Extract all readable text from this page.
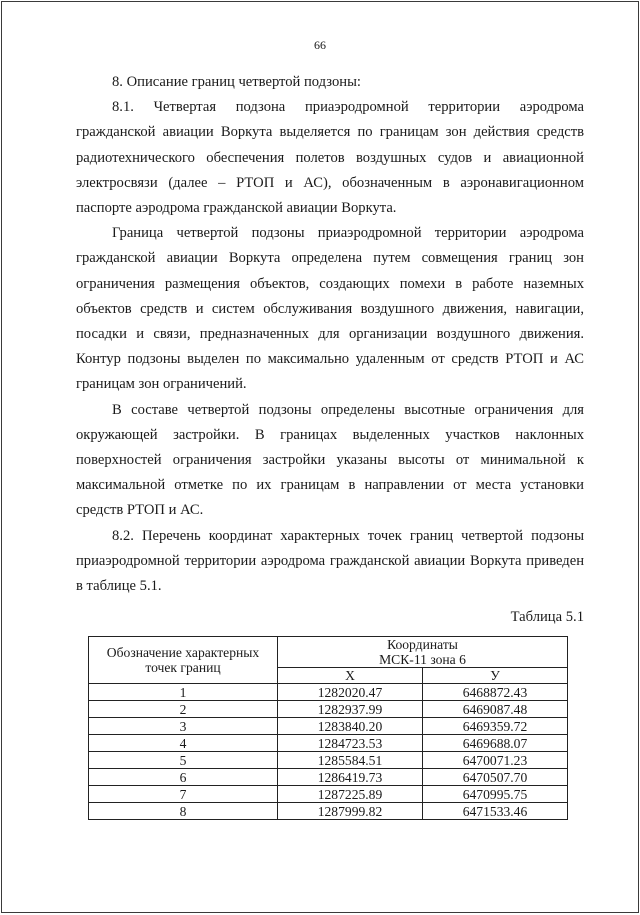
66

8. Описание границ четвертой подзоны:

8.1. Четвертая подзона приаэродромной территории аэродрома гражданской авиации Воркута выделяется по границам зон действия средств радиотехнического обеспечения полетов воздушных судов и авиационной электросвязи (далее – РТОП и АС), обозначенным в аэронавигационном паспорте аэродрома гражданской авиации Воркута.

Граница четвертой подзоны приаэродромной территории аэродрома гражданской авиации Воркута определена путем совмещения границ зон ограничения размещения объектов, создающих помехи в работе наземных объектов средств и систем обслуживания воздушного движения, навигации, посадки и связи, предназначенных для организации воздушного движения. Контур подзоны выделен по максимально удаленным от средств РТОП и АС границам зон ограничений.

В составе четвертой подзоны определены высотные ограничения для окружающей застройки. В границах выделенных участков наклонных поверхностей ограничения застройки указаны высоты от минимальной к максимальной отметке по их границам в направлении от места установки средств РТОП и АС.

8.2. Перечень координат характерных точек границ четвертой подзоны приаэродромной территории аэродрома гражданской авиации Воркута приведен в таблице 5.1.

Таблица 5.1
Обозначение характерных точек границ	Координаты	
	МСК-11 зона 6	
	Х	У
1	1282020.47	6468872.43
2	1282937.99	6469087.48
3	1283840.20	6469359.72
4	1284723.53	6469688.07
5	1285584.51	6470071.23
6	1286419.73	6470507.70
7	1287225.89	6470995.75
8	1287999.82	6471533.46
